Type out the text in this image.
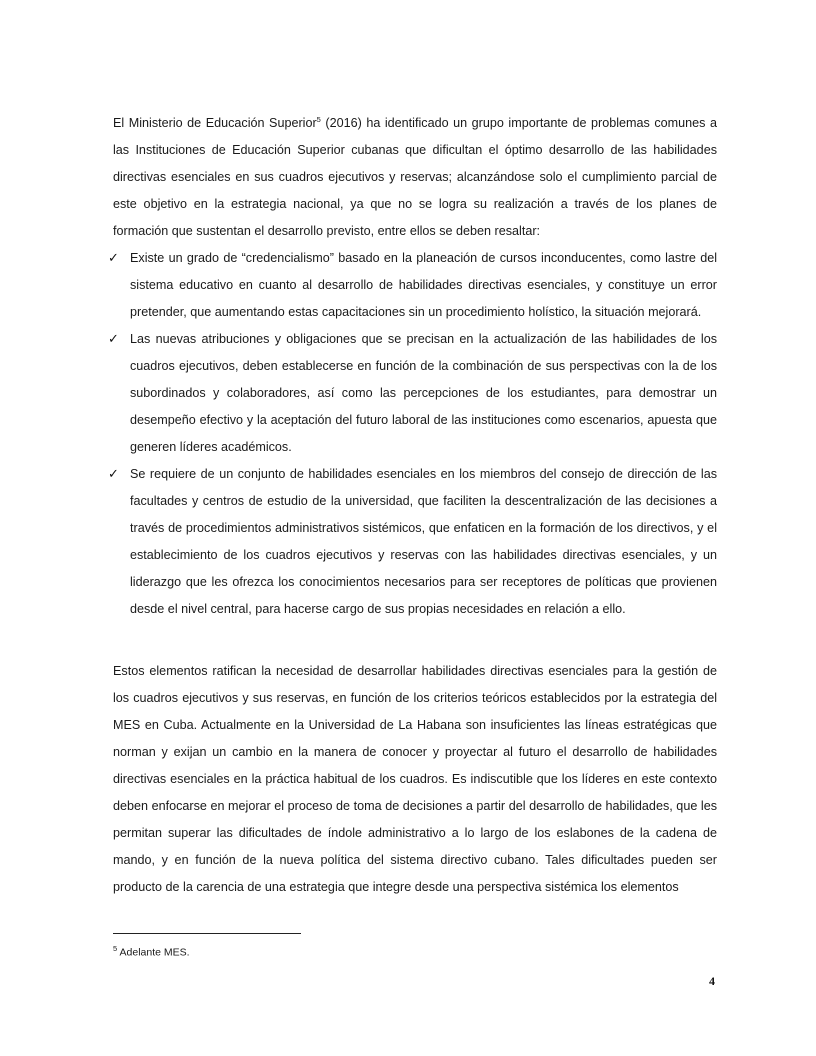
El Ministerio de Educación Superior$^5$ (2016) ha identificado un grupo importante de problemas comunes a las Instituciones de Educación Superior cubanas que dificultan el óptimo desarrollo de las habilidades directivas esenciales en sus cuadros ejecutivos y reservas; alcanzándose solo el cumplimiento parcial de este objetivo en la estrategia nacional, ya que no se logra su realización a través de los planes de formación que sustentan el desarrollo previsto, entre ellos se deben resaltar:

✓ Existe un grado de “credencialismo” basado en la planeación de cursos inconducentes, como lastre del sistema educativo en cuanto al desarrollo de habilidades directivas esenciales, y constituye un error pretender, que aumentando estas capacitaciones sin un procedimiento holístico, la situación mejorará.
✓ Las nuevas atribuciones y obligaciones que se precisan en la actualización de las habilidades de los cuadros ejecutivos, deben establecerse en función de la combinación de sus perspectivas con la de los subordinados y colaboradores, así como las percepciones de los estudiantes, para demostrar un desempeño efectivo y la aceptación del futuro laboral de las instituciones como escenarios, apuesta que generen líderes académicos.
✓ Se requiere de un conjunto de habilidades esenciales en los miembros del consejo de dirección de las facultades y centros de estudio de la universidad, que faciliten la descentralización de las decisiones a través de procedimientos administrativos sistémicos, que enfaticen en la formación de los directivos, y el establecimiento de los cuadros ejecutivos y reservas con las habilidades directivas esenciales, y un liderazgo que les ofrezca los conocimientos necesarios para ser receptores de políticas que provienen desde el nivel central, para hacerse cargo de sus propias necesidades en relación a ello.

Estos elementos ratifican la necesidad de desarrollar habilidades directivas esenciales para la gestión de los cuadros ejecutivos y sus reservas, en función de los criterios teóricos establecidos por la estrategia del MES en Cuba. Actualmente en la Universidad de La Habana son insuficientes las líneas estratégicas que norman y exijan un cambio en la manera de conocer y proyectar al futuro el desarrollo de habilidades directivas esenciales en la práctica habitual de los cuadros. Es indiscutible que los líderes en este contexto deben enfocarse en mejorar el proceso de toma de decisiones a partir del desarrollo de habilidades, que les permitan superar las dificultades de índole administrativo a lo largo de los eslabones de la cadena de mando, y en función de la nueva política del sistema directivo cubano. Tales dificultades pueden ser producto de la carencia de una estrategia que integre desde una perspectiva sistémica los elementos

$^5$ Adelante MES.
4
